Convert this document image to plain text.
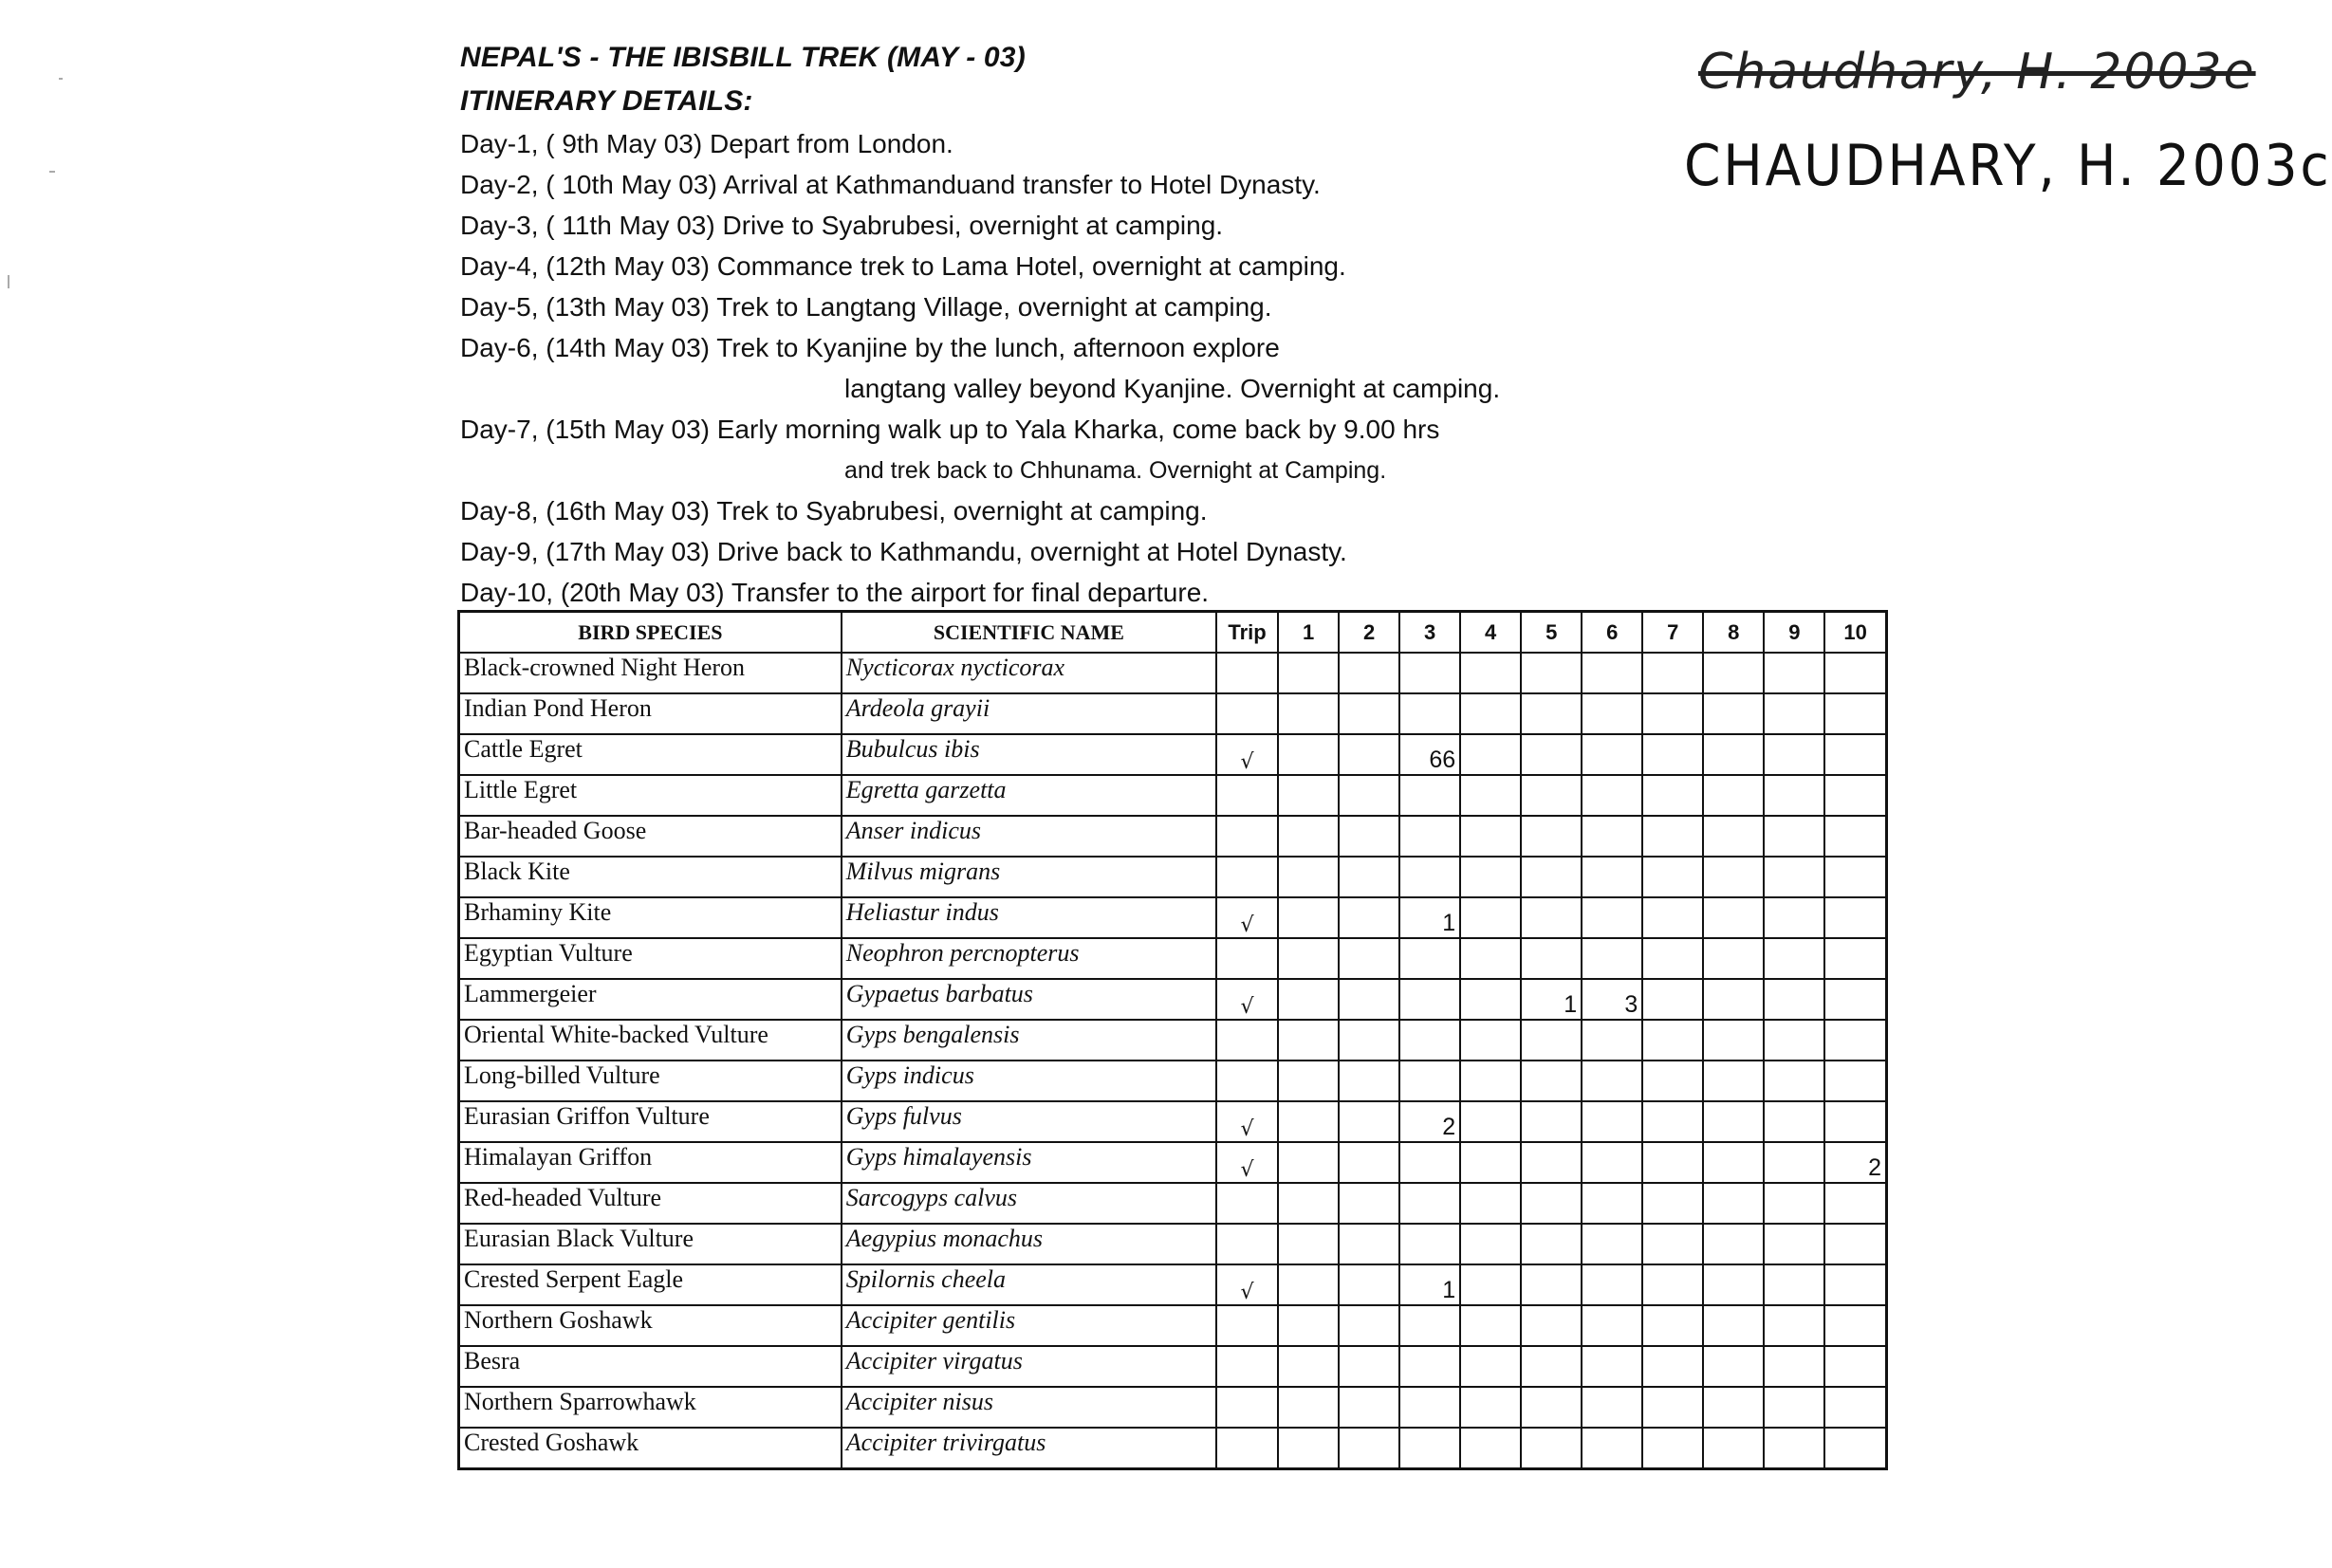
NEPAL'S - THE IBISBILL TREK (MAY - 03)
ITINERARY DETAILS:
Chaudhary, H. 2003e
CHAUDHARY, H. 2003c
Day-1, ( 9th May 03) Depart from London.
Day-2, ( 10th May 03) Arrival at Kathmanduand transfer to Hotel Dynasty.
Day-3, ( 11th May 03) Drive to Syabrubesi, overnight at camping.
Day-4, (12th May 03) Commance trek to Lama Hotel, overnight at camping.
Day-5, (13th May 03) Trek to Langtang Village, overnight at camping.
Day-6, (14th May 03) Trek to Kyanjine by the lunch, afternoon explore
langtang valley beyond Kyanjine. Overnight at camping.
Day-7, (15th May 03) Early morning walk up to Yala Kharka, come back by 9.00 hrs
and trek back to Chhunama. Overnight at Camping.
Day-8, (16th May 03) Trek to Syabrubesi, overnight at camping.
Day-9, (17th May 03) Drive back to Kathmandu, overnight at Hotel Dynasty.
Day-10, (20th May 03) Transfer to the airport for final departure.
BIRD SPECIES	SCIENTIFIC NAME	Trip	1	2	3	4	5	6	7	8	9	10
Black-crowned Night Heron	Nycticorax nycticorax											
Indian Pond Heron	Ardeola grayii											
Cattle Egret	Bubulcus ibis	√			66							
Little Egret	Egretta garzetta											
Bar-headed Goose	Anser indicus											
Black Kite	Milvus migrans											
Brhaminy Kite	Heliastur indus	√			1							
Egyptian Vulture	Neophron percnopterus											
Lammergeier	Gypaetus barbatus	√					1	3				
Oriental White-backed Vulture	Gyps bengalensis											
Long-billed Vulture	Gyps indicus											
Eurasian Griffon Vulture	Gyps fulvus	√			2							
Himalayan Griffon	Gyps himalayensis	√										2
Red-headed Vulture	Sarcogyps calvus											
Eurasian Black Vulture	Aegypius monachus											
Crested Serpent Eagle	Spilornis cheela	√			1							
Northern Goshawk	Accipiter gentilis											
Besra	Accipiter virgatus											
Northern Sparrowhawk	Accipiter nisus											
Crested Goshawk	Accipiter trivirgatus											
